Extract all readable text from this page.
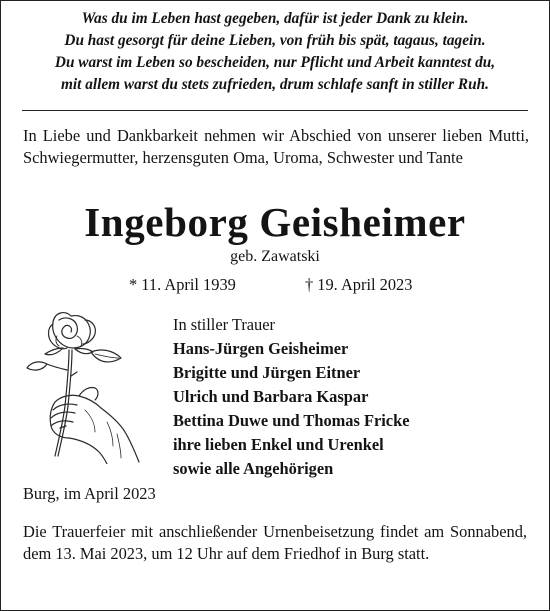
Was du im Leben hast gegeben, dafür ist jeder Dank zu klein.
Du hast gesorgt für deine Lieben, von früh bis spät, tagaus, tagein.
Du warst im Leben so bescheiden, nur Pflicht und Arbeit kanntest du,
mit allem warst du stets zufrieden, drum schlafe sanft in stiller Ruh.
In Liebe und Dankbarkeit nehmen wir Abschied von unserer lieben Mutti, Schwiegermutter, herzensguten Oma, Uroma, Schwester und Tante
Ingeborg Geisheimer
geb. Zawatski
* 11. April 1939	† 19. April 2023
In stiller Trauer
Hans-Jürgen Geisheimer
Brigitte und Jürgen Eitner
Ulrich und Barbara Kaspar
Bettina Duwe und Thomas Fricke
ihre lieben Enkel und Urenkel
sowie alle Angehörigen
Burg, im April 2023
Die Trauerfeier mit anschließender Urnenbeisetzung findet am Sonnabend, dem 13. Mai 2023, um 12 Uhr auf dem Friedhof in Burg statt.
